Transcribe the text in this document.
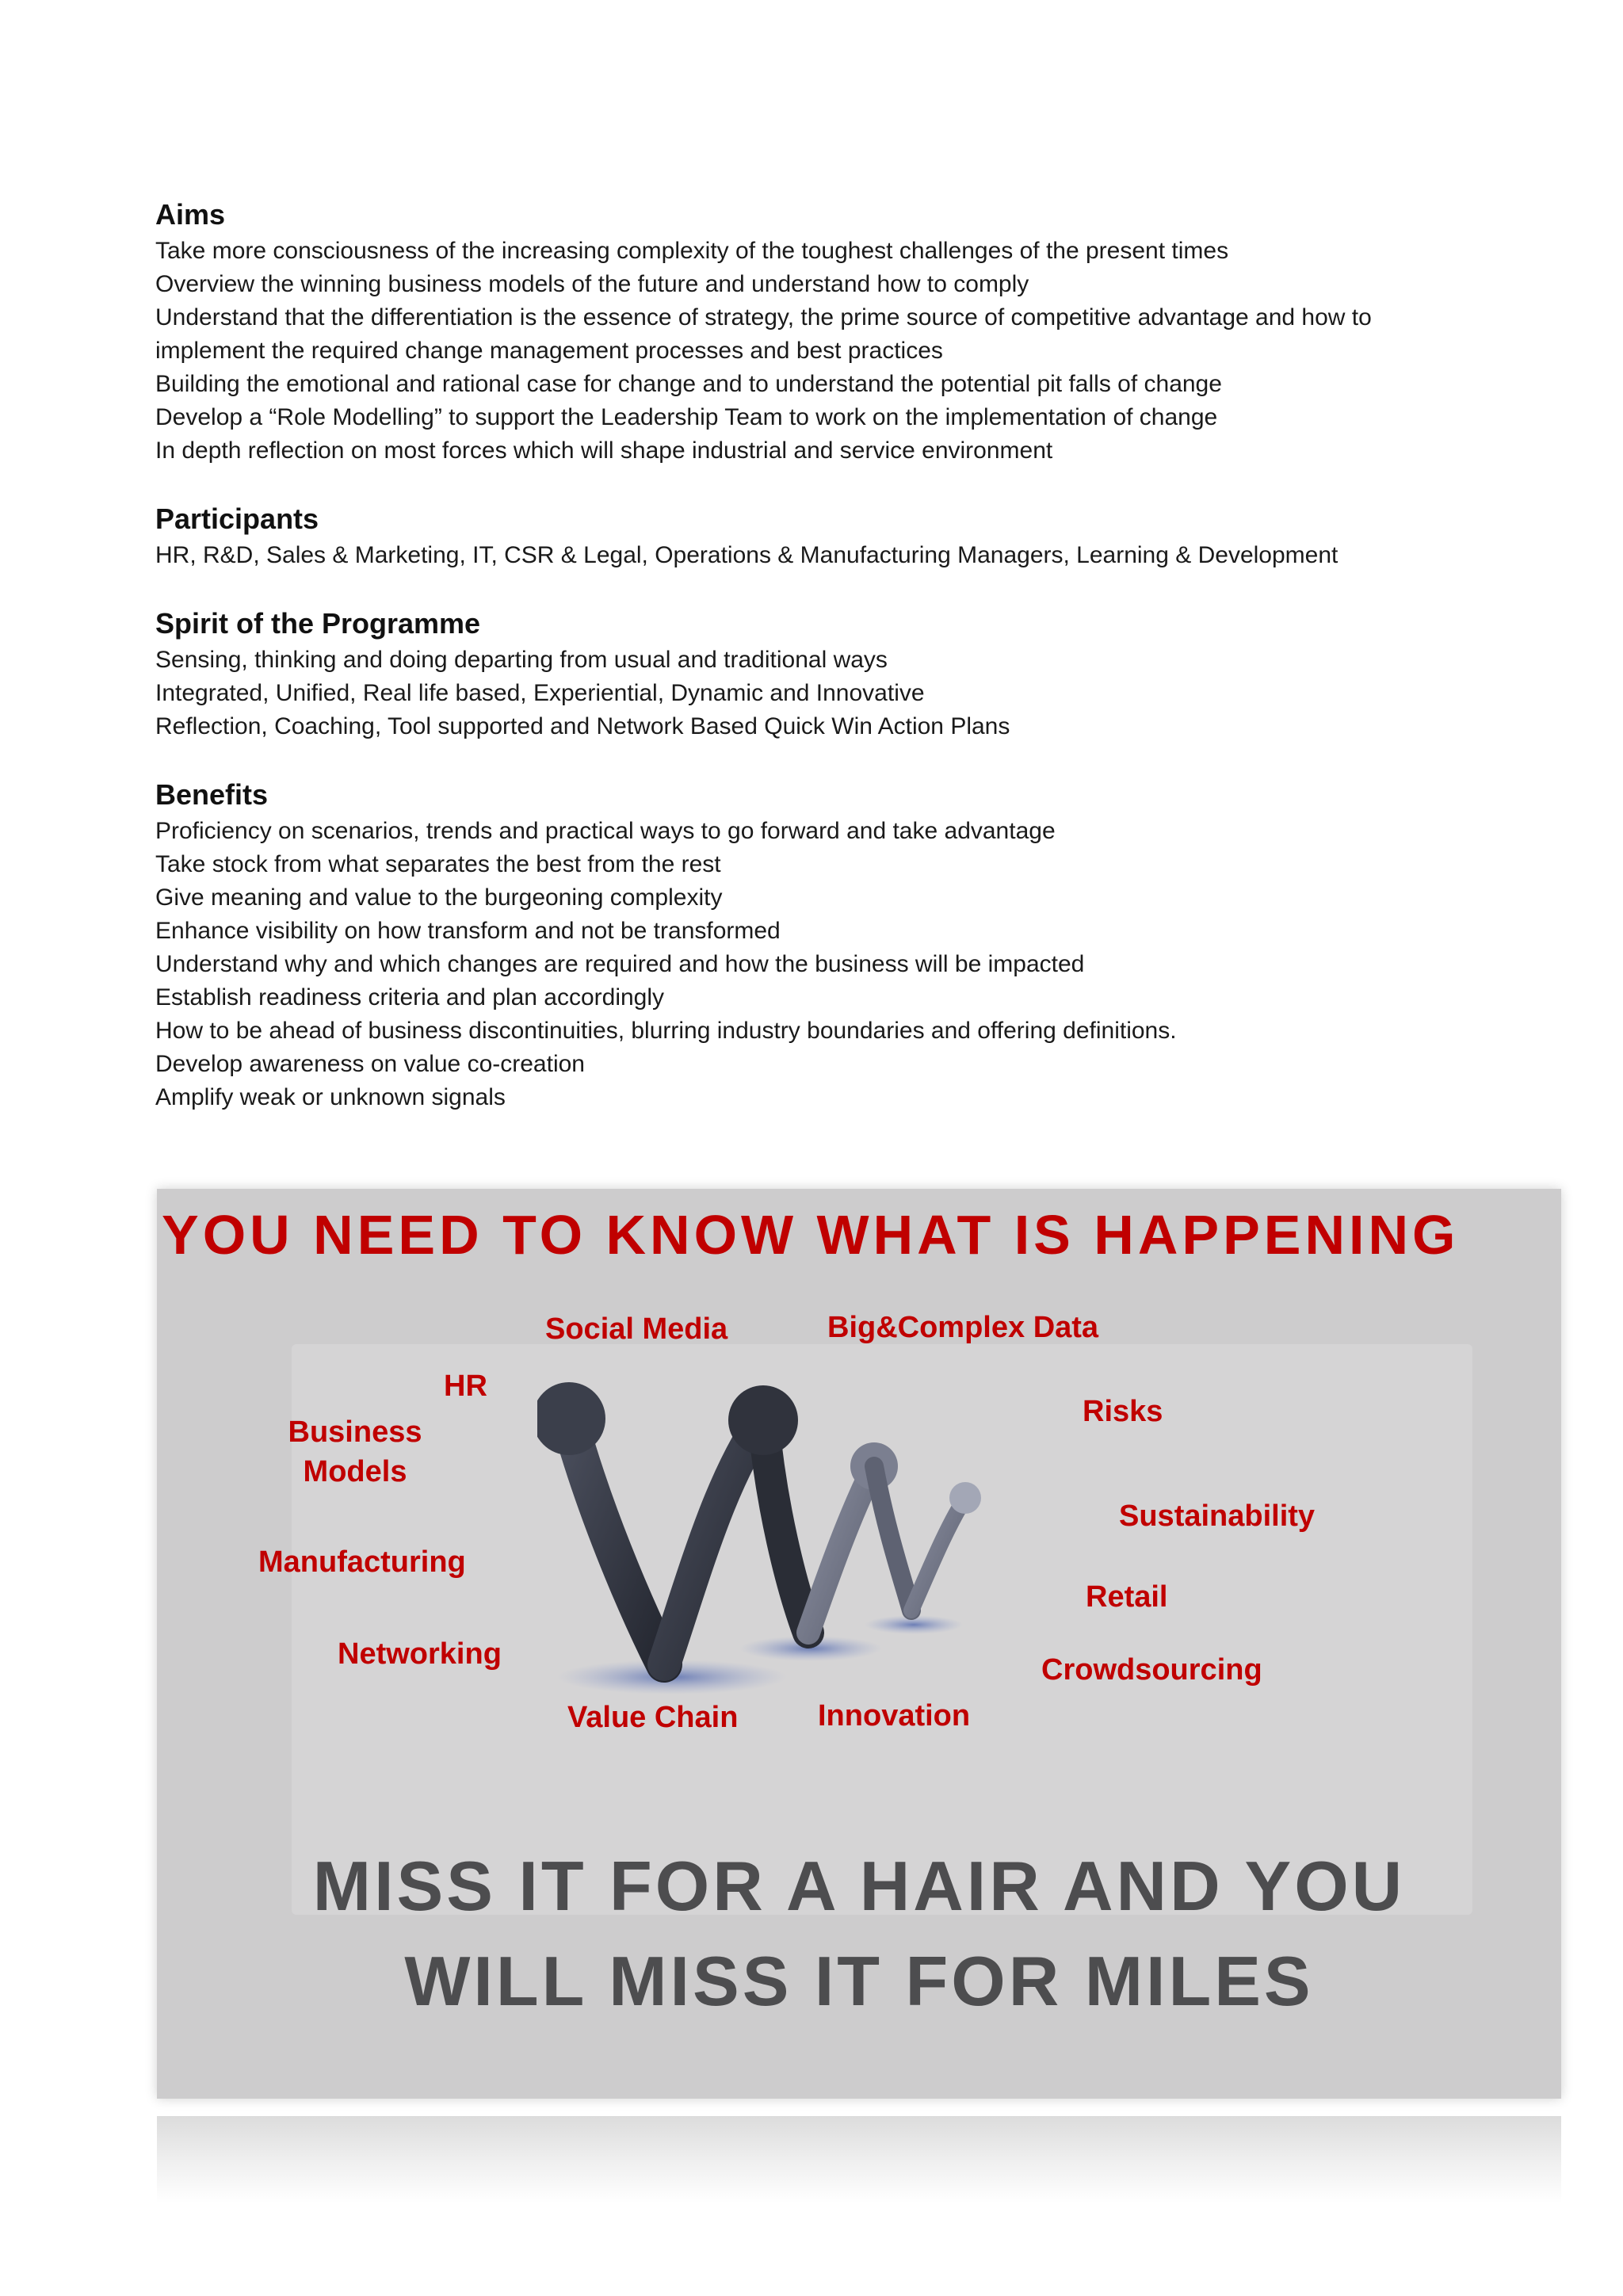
Aims

Take more consciousness of the increasing complexity of the toughest challenges of the present times

Overview the winning business models of the future and understand how to comply

Understand that the differentiation is the essence of strategy, the prime source of competitive advantage and how to

implement the required change management processes and best practices

Building the emotional and rational case for change and to understand the potential pit falls of change

Develop a “Role Modelling” to support the Leadership Team to work on the implementation of change

In depth reflection on most forces which will shape industrial and service environment

Participants

HR, R&D, Sales & Marketing, IT, CSR & Legal, Operations & Manufacturing Managers, Learning & Development

Spirit of the Programme

Sensing, thinking and doing departing from usual and traditional ways

Integrated, Unified, Real life based, Experiential, Dynamic and Innovative

Reflection, Coaching, Tool supported and Network Based Quick Win Action Plans

Benefits

Proficiency on scenarios, trends and practical ways to go forward and take advantage

Take stock from what separates the best from the rest

Give meaning and value to the burgeoning complexity

Enhance visibility on how transform and not be transformed

Understand why and which changes are required and how the business will be impacted

Establish readiness criteria and plan accordingly

How to be ahead of business discontinuities, blurring industry boundaries and offering definitions.

Develop awareness on value co-creation

Amplify weak or unknown signals

YOU NEED TO KNOW WHAT IS HAPPENING

Social Media	Big&Complex Data

HR

Business

Models

Risks

Sustainability

Manufacturing

Retail

Networking	Crowdsourcing

Value Chain	Innovation

MISS IT FOR A HAIR AND YOU
WILL MISS IT FOR MILES
